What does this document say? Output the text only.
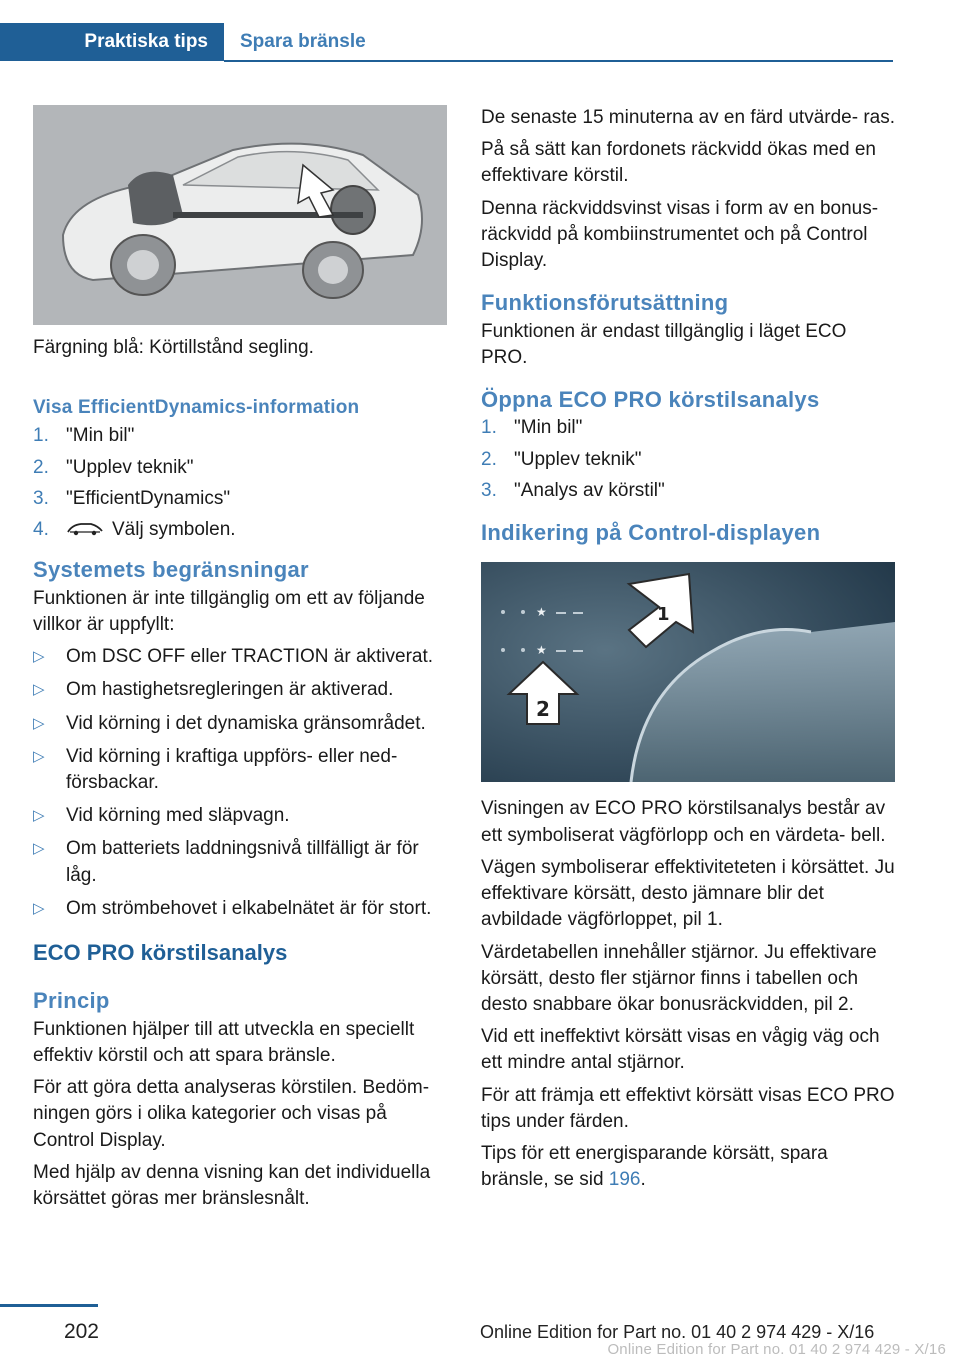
Praktiska tips	Spara bränsle

Färgning blå: Körtillstånd segling.

Visa EfficientDynamics-information
1. "Min bil"
2. "Upplev teknik"
3. "EfficientDynamics"
4.	Välj symbolen.
Systemets begränsningar

Funktionen är inte tillgänglig om ett av följande villkor är uppfyllt:

▷ Om DSC OFF eller TRACTION är aktiverat.
▷ Om hastighetsregleringen är aktiverad.
▷ Vid körning i det dynamiska gränsområdet.
▷ Vid körning i kraftiga uppförs- eller ned‐ försbackar.
▷ Vid körning med släpvagn.
▷ Om batteriets laddningsnivå tillfälligt är för låg.
▷ Om strömbehovet i elkabelnätet är för stort.
ECO PRO körstilsanalys
Princip

Funktionen hjälper till att utveckla en speciellt effektiv körstil och att spara bränsle.

För att göra detta analyseras körstilen. Bedöm‐ ningen görs i olika kategorier och visas på Control Display.

Med hjälp av denna visning kan det individuella körsättet göras mer bränslesnålt.

De senaste 15 minuterna av en färd utvärde‐ ras.

På så sätt kan fordonets räckvidd ökas med en effektivare körstil.

Denna räckviddsvinst visas i form av en bonus‐ räckvidd på kombiinstrumentet och på Control Display.

Funktionsförutsättning

Funktionen är endast tillgänglig i läget ECO PRO.

Öppna ECO PRO körstilsanalys
1. "Min bil"
2. "Upplev teknik"
3. "Analys av körstil"
Indikering på Control-displayen
★
★
1
2

Visningen av ECO PRO körstilsanalys består av ett symboliserat vägförlopp och en värdeta‐ bell.

Vägen symboliserar effektiviteteten i körsättet. Ju effektivare körsätt, desto jämnare blir det avbildade vägförloppet, pil 1.

Värdetabellen innehåller stjärnor. Ju effektivare körsätt, desto fler stjärnor finns i tabellen och desto snabbare ökar bonusräckvidden, pil 2.

Vid ett ineffektivt körsätt visas en vågig väg och ett mindre antal stjärnor.

För att främja ett effektivt körsätt visas ECO PRO tips under färden.

Tips för ett energisparande körsätt, spara bränsle, se sid 196.

202	Online Edition for Part no. 01 40 2 974 429 - X/16
Online Edition for Part no. 01 40 2 974 429 - X/16
